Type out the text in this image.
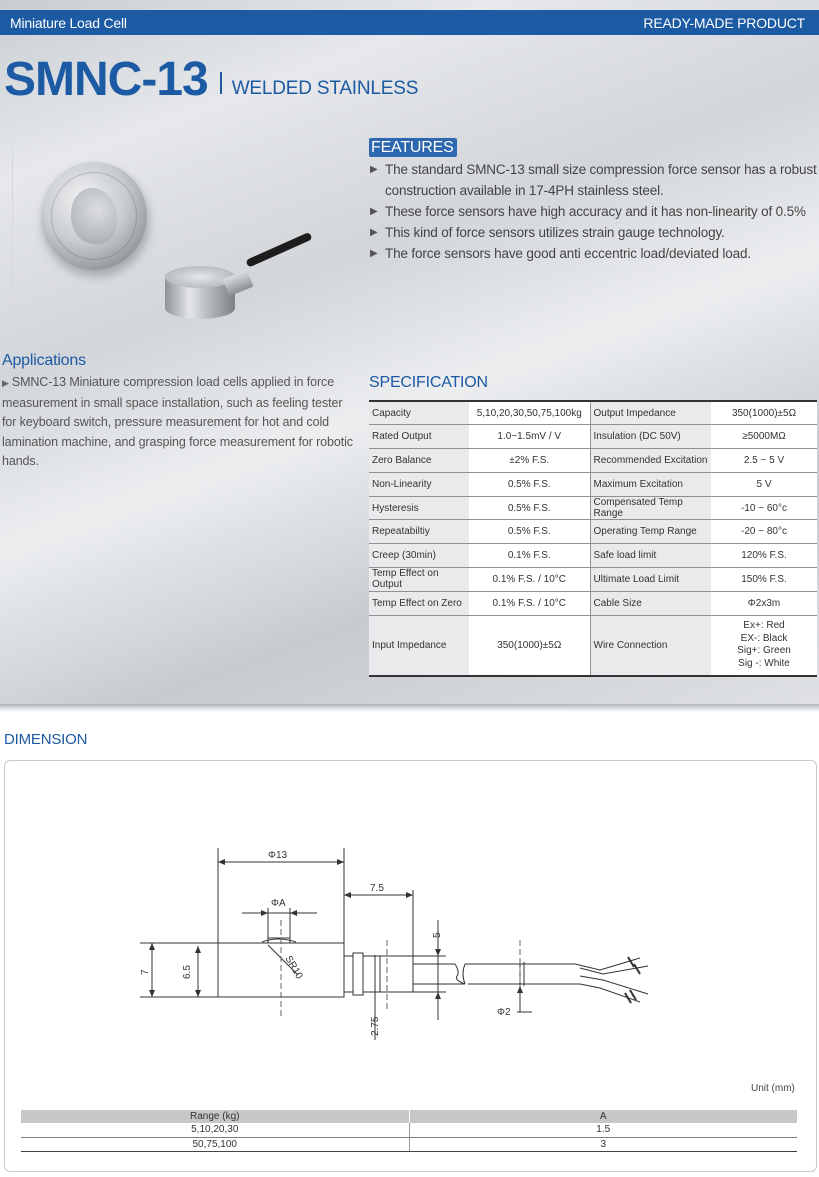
Miniature Load Cell	READY-MADE PRODUCT
SMNC-13 WELDED STAINLESS
FEATURES
▶ The standard SMNC-13 small size compression force sensor has a robust
construction available in 17-4PH stainless steel.
▶ These force sensors have high accuracy and it has non-linearity of 0.5%
▶ This kind of force sensors utilizes strain gauge technology.
▶ The force sensors have good anti eccentric load/deviated load.
Applications

▶ SMNC-13 Miniature compression load cells applied in force measurement in small space installation, such as feeling tester for keyboard switch, pressure measurement for hot and cold lamination machine, and grasping force measurement for robotic hands.

SPECIFICATION
Capacity	5,10,20,30,50,75,100kg	Output Impedance	350(1000)±5Ω
Rated Output	1.0~1.5mV / V	Insulation (DC 50V)	≥5000MΩ
Zero Balance	±2% F.S.	Recommended Excitation	2.5 ~ 5 V
Non-Linearity	0.5% F.S.	Maximum Excitation	5 V
Hysteresis	0.5% F.S.	Compensated Temp Range	-10 ~ 60°c
Repeatabiltiy	0.5% F.S.	Operating Temp Range	-20 ~ 80°c
Creep (30min)	0.1% F.S.	Safe load limit	120% F.S.
Temp Effect on Output	0.1% F.S. / 10°C	Ultimate Load Limit	150% F.S.
Temp Effect on Zero	0.1% F.S. / 10°C	Cable Size	Φ2x3m
Input Impedance	350(1000)±5Ω	Wire Connection	Ex+: Red
EX-: Black
Sig+: Green
Sig -: White
DIMENSION
Φ13
7.5
ΦA
7	6.5	SR10
5
2.75
Φ2
Unit (mm)
Range (kg)	A
5,10,20,30	1.5
50,75,100	3
